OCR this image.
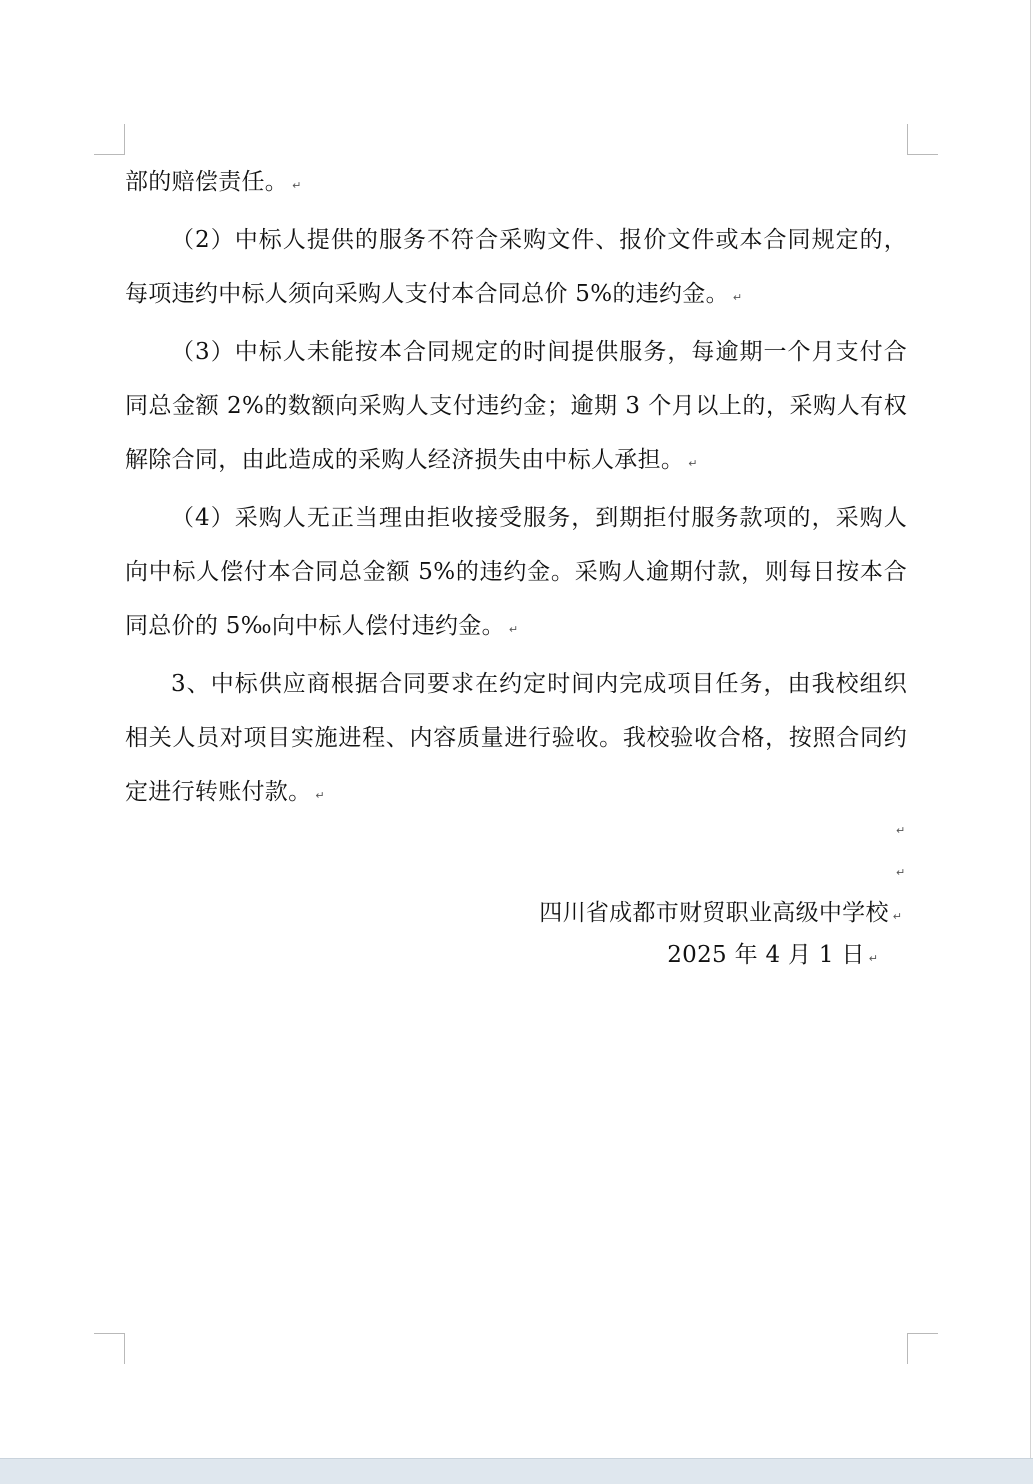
部的赔偿责任。 ↵

（2）中标人提供的服务不符合采购文件、报价文件或本合同规定的，每项违约中标人须向采购人支付本合同总价 5%的违约金。 ↵

（3）中标人未能按本合同规定的时间提供服务，每逾期一个月支付合同总金额 2%的数额向采购人支付违约金；逾期 3 个月以上的，采购人有权解除合同，由此造成的采购人经济损失由中标人承担。 ↵

（4）采购人无正当理由拒收接受服务，到期拒付服务款项的，采购人向中标人偿付本合同总金额 5%的违约金。采购人逾期付款，则每日按本合同总价的 5‰向中标人偿付违约金。 ↵

3、中标供应商根据合同要求在约定时间内完成项目任务，由我校组织相关人员对项目实施进程、内容质量进行验收。我校验收合格，按照合同约定进行转账付款。 ↵

↵
↵
四川省成都市财贸职业高级中学校 ↵
2025 年 4 月 1 日 ↵
